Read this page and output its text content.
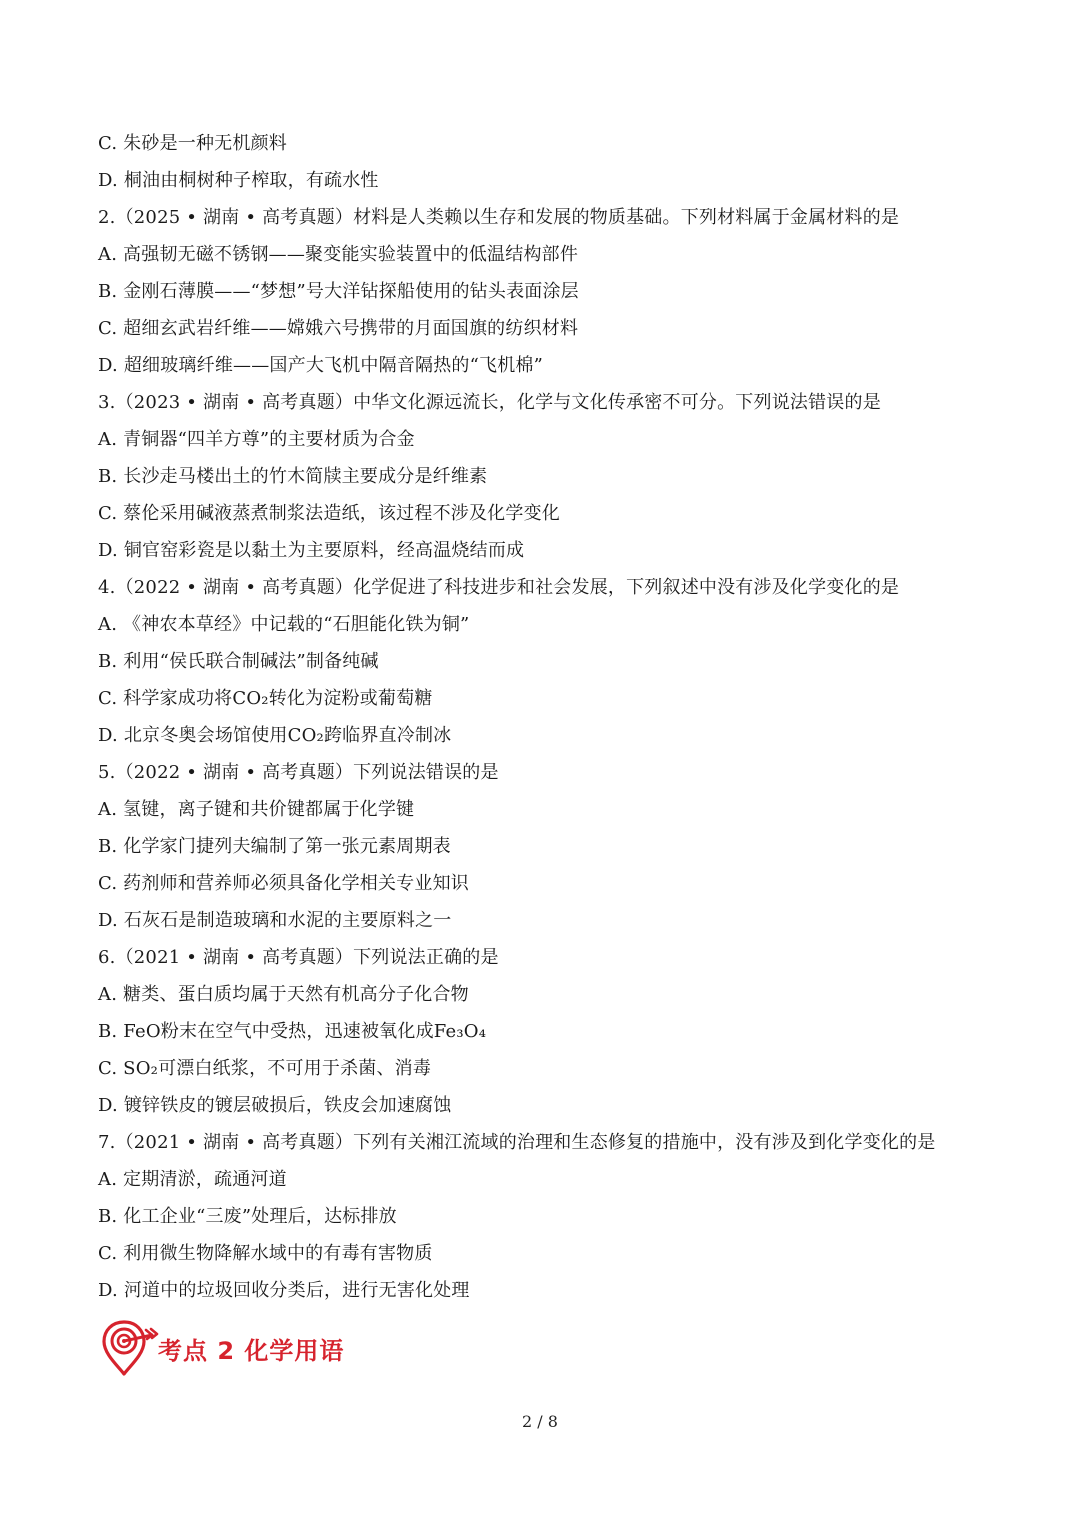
C. 朱砂是一种无机颜料
D. 桐油由桐树种子榨取，有疏水性
2.（2025 • 湖南 • 高考真题）材料是人类赖以生存和发展的物质基础。下列材料属于金属材料的是
A. 高强韧无磁不锈钢——聚变能实验装置中的低温结构部件
B. 金刚石薄膜——“梦想”号大洋钻探船使用的钻头表面涂层
C. 超细玄武岩纤维——嫦娥六号携带的月面国旗的纺织材料
D. 超细玻璃纤维——国产大飞机中隔音隔热的“飞机棉”
3.（2023 • 湖南 • 高考真题）中华文化源远流长，化学与文化传承密不可分。下列说法错误的是
A. 青铜器“四羊方尊”的主要材质为合金
B. 长沙走马楼出土的竹木简牍主要成分是纤维素
C. 蔡伦采用碱液蒸煮制浆法造纸，该过程不涉及化学变化
D. 铜官窑彩瓷是以黏土为主要原料，经高温烧结而成
4.（2022 • 湖南 • 高考真题）化学促进了科技进步和社会发展，下列叙述中没有涉及化学变化的是
A. 《神农本草经》中记载的“石胆能化铁为铜”
B. 利用“侯氏联合制碱法”制备纯碱
C. 科学家成功将CO₂转化为淀粉或葡萄糖
D. 北京冬奥会场馆使用CO₂跨临界直冷制冰
5.（2022 • 湖南 • 高考真题）下列说法错误的是
A. 氢键，离子键和共价键都属于化学键
B. 化学家门捷列夫编制了第一张元素周期表
C. 药剂师和营养师必须具备化学相关专业知识
D. 石灰石是制造玻璃和水泥的主要原料之一
6.（2021 • 湖南 • 高考真题）下列说法正确的是
A. 糖类、蛋白质均属于天然有机高分子化合物
B. FeO粉末在空气中受热，迅速被氧化成Fe₃O₄
C. SO₂可漂白纸浆，不可用于杀菌、消毒
D. 镀锌铁皮的镀层破损后，铁皮会加速腐蚀
7.（2021 • 湖南 • 高考真题）下列有关湘江流域的治理和生态修复的措施中，没有涉及到化学变化的是
A. 定期清淤，疏通河道
B. 化工企业“三废”处理后，达标排放
C. 利用微生物降解水域中的有毒有害物质
D. 河道中的垃圾回收分类后，进行无害化处理
考点 2 化学用语
2 / 8
